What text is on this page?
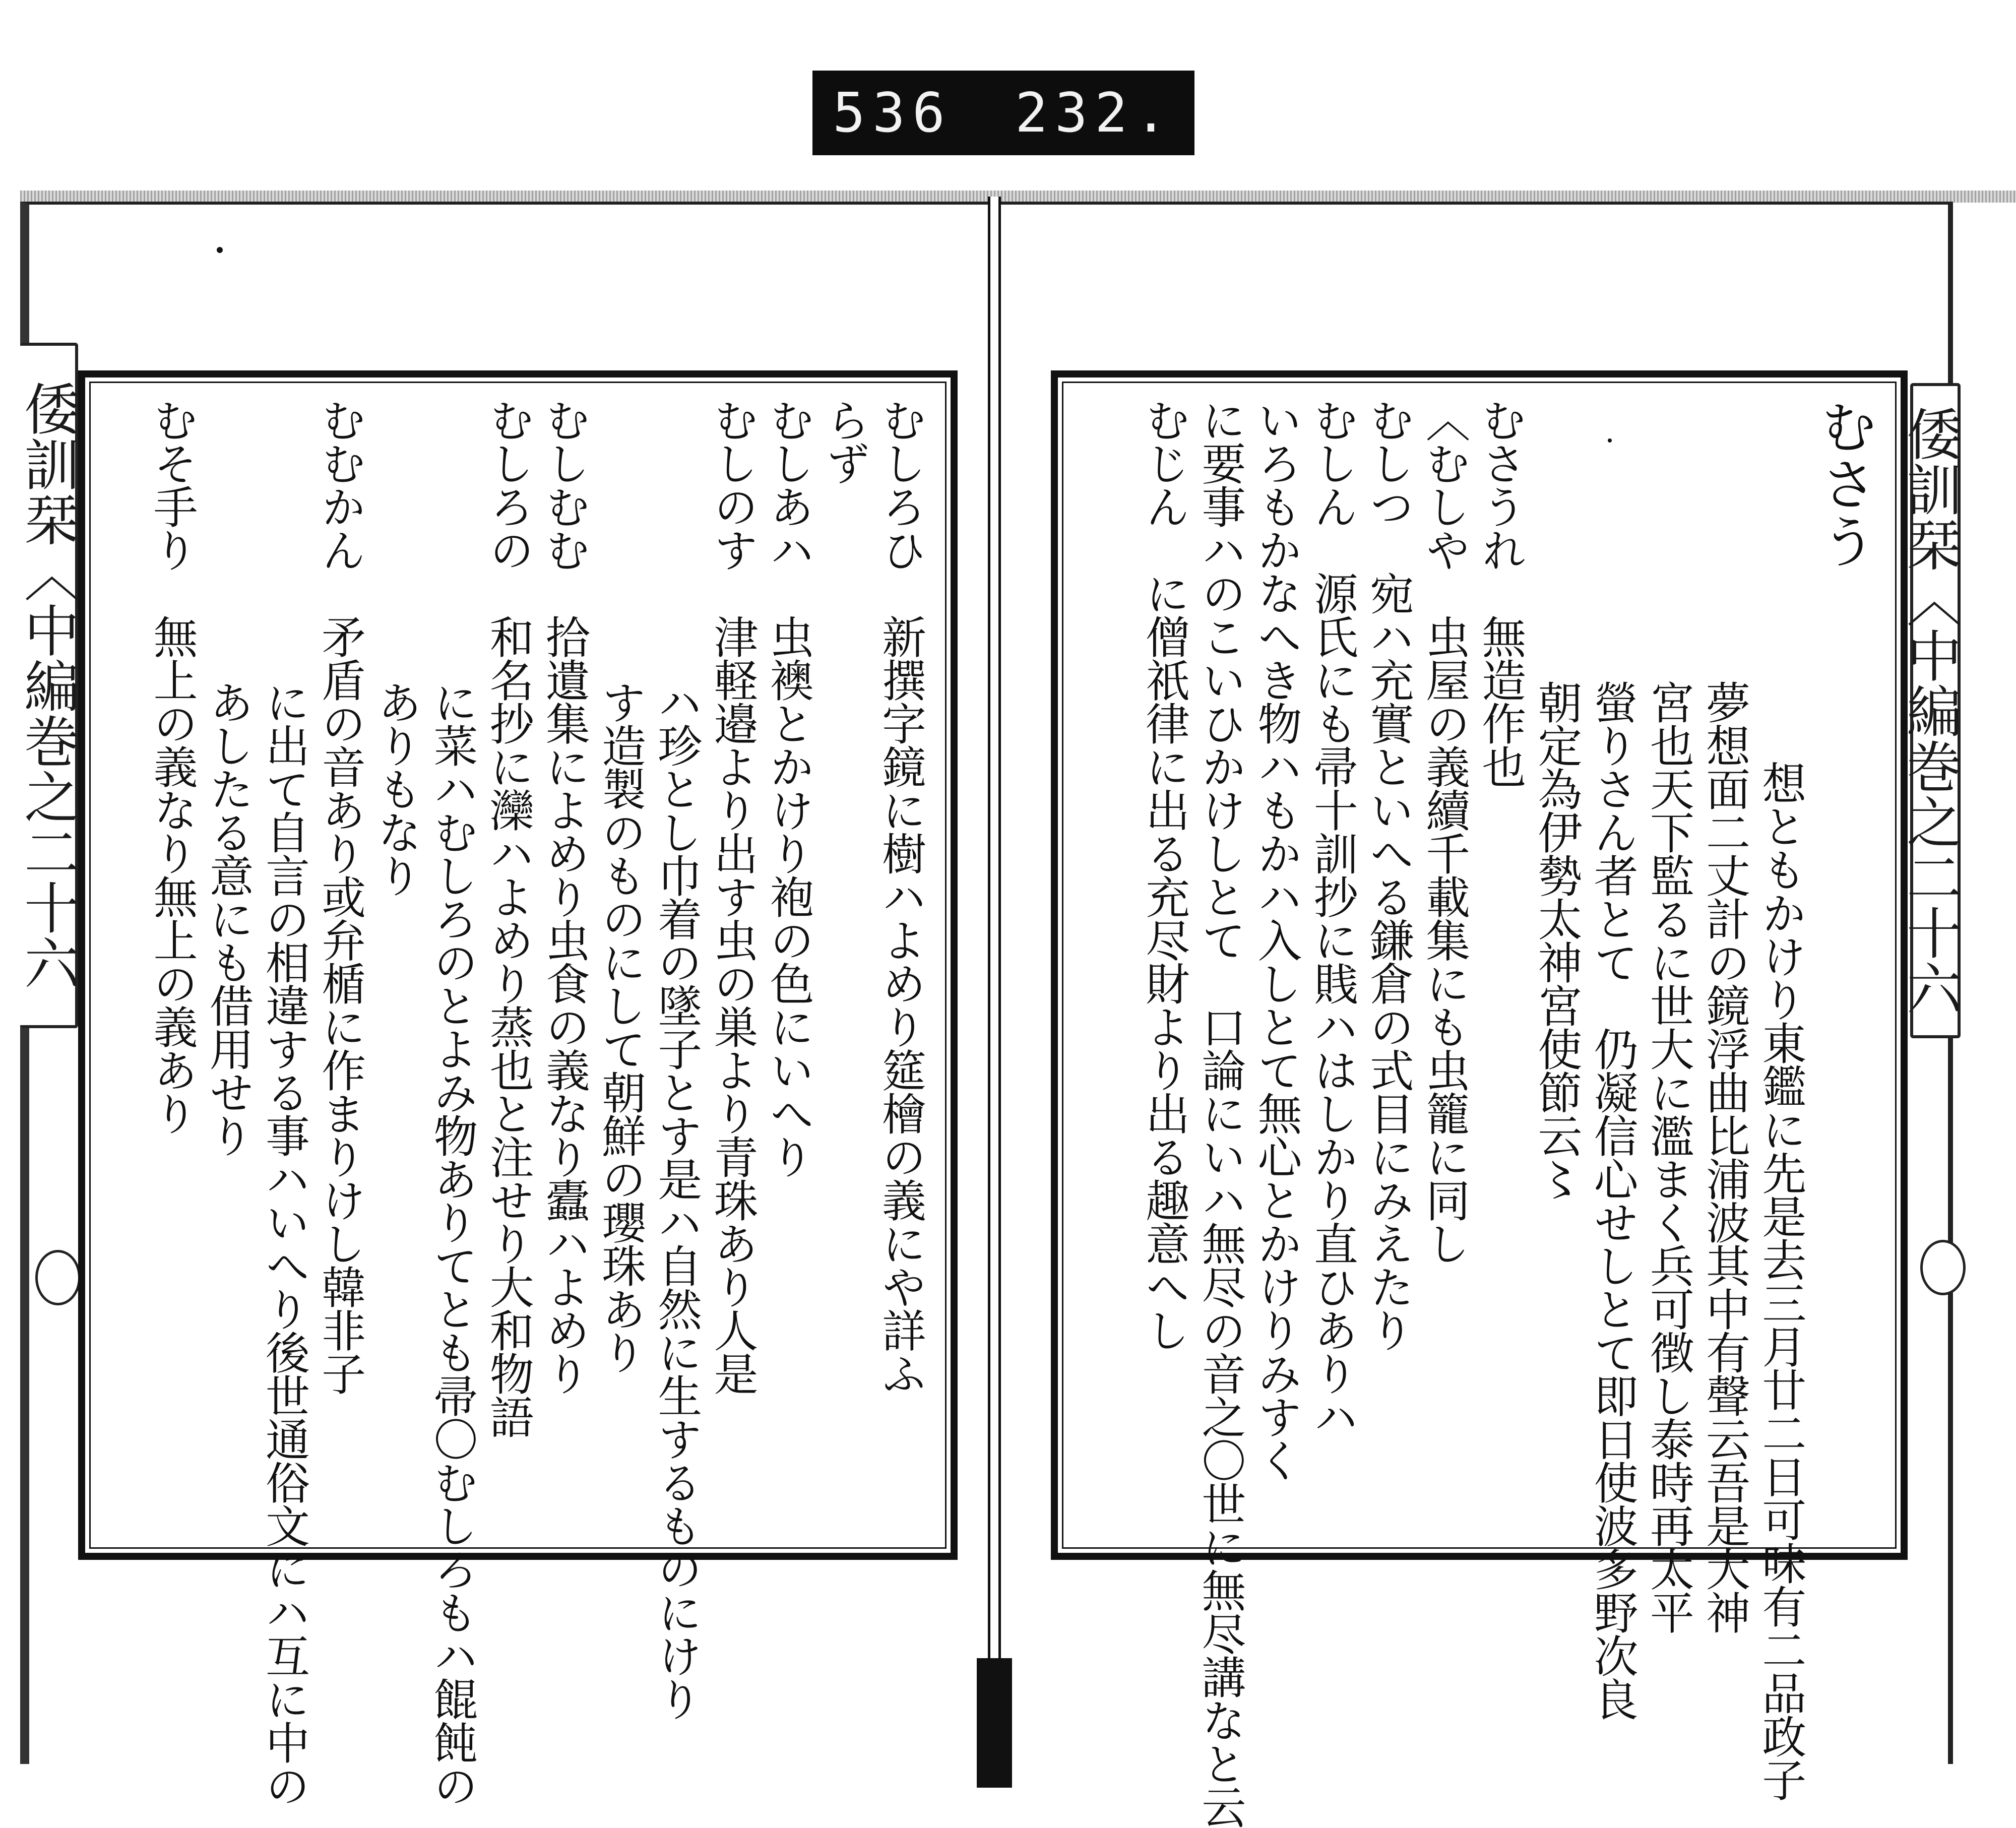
536 232.
倭訓栞〈中編巻之二十六	倭訓栞〈中編巻之二十六
むさう
想ともかけり東鑑に先是去三月廿二日可味有二品政子
夢想面二丈計の鏡浮曲比浦波其中有聲云吾是大神
宮也天下監るに世大に濫まく兵可徴し泰時再太平
螢りさん者とて　仍凝信心せしとて即日使波多野次良
朝定為伊勢太神宮使節云〻
むさうれ　無造作也
〈むしや　虫屋の義續千載集にも虫籠に同し
むしつ　宛ハ充實といへる鎌倉の式目にみえたり
むしん　源氏にも帚十訓抄に賎ハはしかり直ひありハ
いろもかなへき物ハもかハ入しとて無心とかけりみすく
に要事ハのこいひかけしとて　口論にいハ無尽の音之〇世に無尽講なと云
むじん　に僧祇律に出る充尽財より出る趣意へし
むしろひ　新撰字鏡に樹ハよめり筵檜の義にや詳ふ
らず
むしあハ　虫襖とかけり袍の色にいへり
むしのす　津軽邉より出す虫の巣より青珠あり人是
ハ珍とし巾着の墜子とす是ハ自然に生するものにけり
す造製のものにして朝鮮の瓔珠あり
むしむむ　拾遺集によめり虫食の義なり蠹ハよめり
むしろの　和名抄に灤ハよめり蒸也と注せり大和物語
に菜ハむしろのとよみ物ありてとも帚〇むしろもハ餛飩の
ありもなり
むむかん　矛盾の音あり或弁楯に作まりけし韓非子
に出て自言の相違する事ハいへり後世通俗文にハ互に中の
あしたる意にも借用せり
むそ手り　無上の義なり無上の義あり
